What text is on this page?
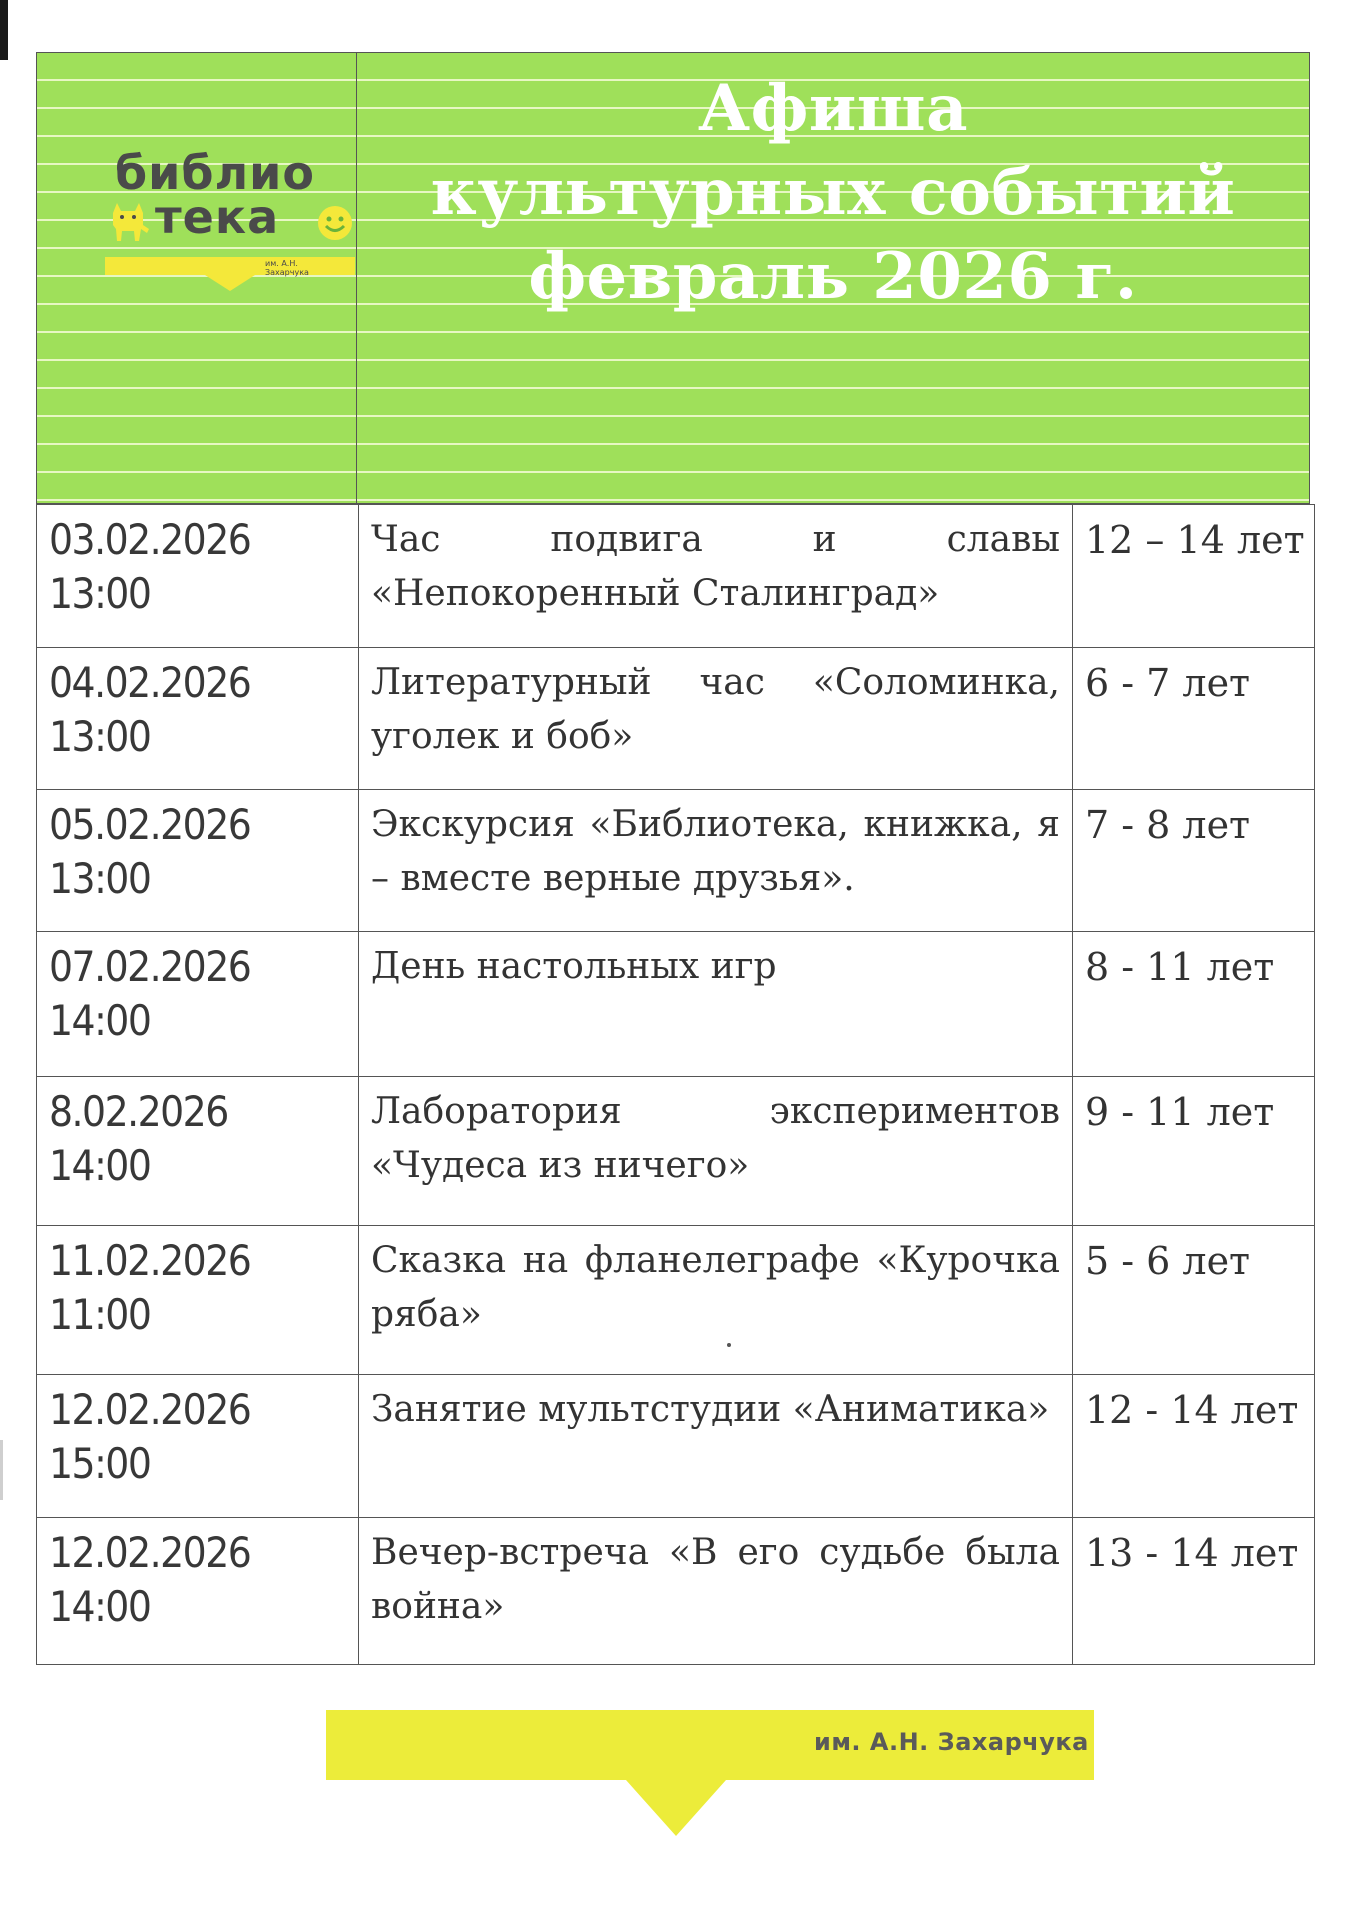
библио
тека
им. А.Н. Захарчука
Афиша
культурных событий
февраль 2026 г.
03.02.2026
13:00	Час подвига и славы «Непокоренный Сталинград»	12 – 14 лет

04.02.2026
13:00	Литературный час «Соломинка, уголек и боб»	6 - 7 лет

05.02.2026
13:00	Экскурсия «Библиотека, книжка, я – вместе верные друзья».	7 - 8 лет

07.02.2026
14:00	День настольных игр	8 - 11 лет

8.02.2026
14:00	Лаборатория экспериментов «Чудеса из ничего»	9 - 11 лет

11.02.2026
11:00	Сказка на фланелеграфе «Курочка ряба»	5 - 6 лет

12.02.2026
15:00	Занятие мультстудии «Аниматика»	12 - 14 лет

12.02.2026
14:00	Вечер-встреча «В его судьбе была война»	13 - 14 лет
им. А.Н. Захарчука
